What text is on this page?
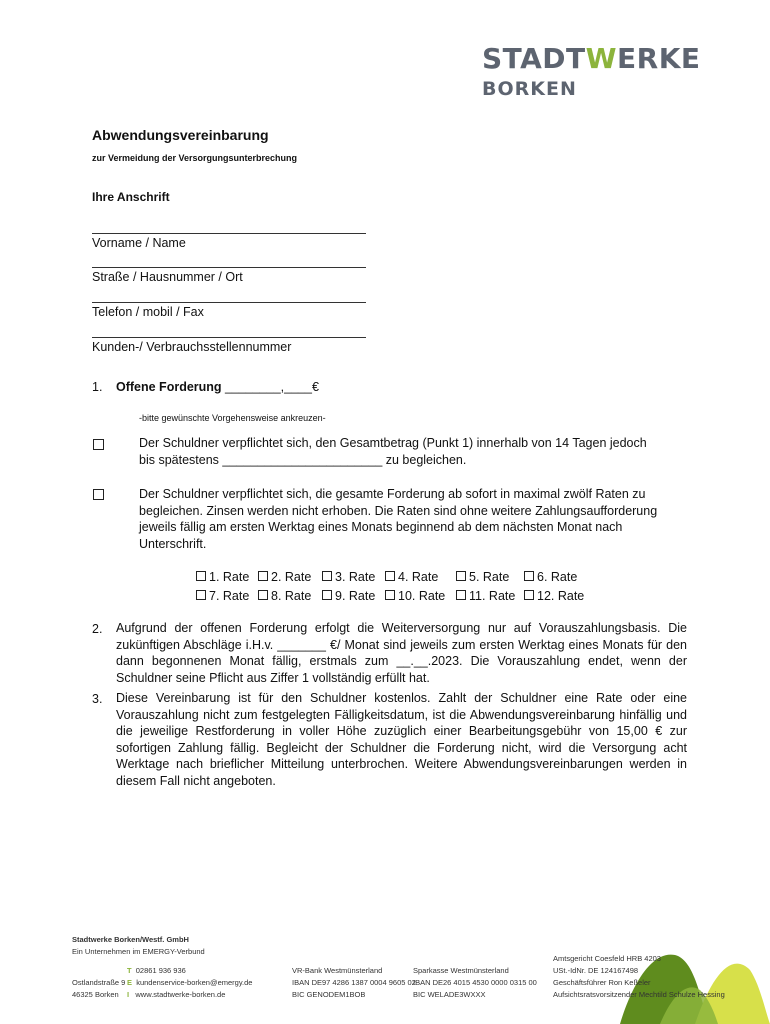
STADTWERKE
BORKEN
Abwendungsvereinbarung
zur Vermeidung der Versorgungsunterbrechung
Ihre Anschrift
Vorname / Name
Straße / Hausnummer / Ort
Telefon / mobil / Fax
Kunden-/ Verbrauchsstellennummer
1. Offene Forderung ________,____€
-bitte gewünschte Vorgehensweise ankreuzen-
Der Schuldner verpflichtet sich, den Gesamtbetrag (Punkt 1) innerhalb von 14 Tagen jedoch bis spätestens _______________________ zu begleichen.
Der Schuldner verpflichtet sich, die gesamte Forderung ab sofort in maximal zwölf Raten zu begleichen. Zinsen werden nicht erhoben. Die Raten sind ohne weitere Zahlungsaufforderung jeweils fällig am ersten Werktag eines Monats beginnend ab dem nächsten Monat nach Unterschrift.
1. Rate	2. Rate	3. Rate	4. Rate	5. Rate	6. Rate
7. Rate	8. Rate	9. Rate	10. Rate	11. Rate	12. Rate
2. Aufgrund der offenen Forderung erfolgt die Weiterversorgung nur auf Vorauszahlungsbasis. Die zukünftigen Abschläge i.H.v. _______ €/ Monat sind jeweils zum ersten Werktag eines Monats für den dann begonnenen Monat fällig, erstmals zum __.__.2023. Die Vorauszahlung endet, wenn der Schuldner seine Pflicht aus Ziffer 1 vollständig erfüllt hat.
3. Diese Vereinbarung ist für den Schuldner kostenlos. Zahlt der Schuldner eine Rate oder eine Vorauszahlung nicht zum festgelegten Fälligkeitsdatum, ist die Abwendungsvereinbarung hinfällig und die jeweilige Restforderung in voller Höhe zuzüglich einer Bearbeitungsgebühr von 15,00 € zur sofortigen Zahlung fällig. Begleicht der Schuldner die Forderung nicht, wird die Versorgung acht Werktage nach brieflicher Mitteilung unterbrochen. Weitere Abwendungsvereinbarungen werden in diesem Fall nicht angeboten.
Stadtwerke Borken/Westf. GmbH
Ein Unternehmen im EMERGY-Verbund
Ostlandstraße 9
46325 Borken
T 02861 936 936
E kundenservice-borken@emergy.de
I www.stadtwerke-borken.de
VR-Bank Westmünsterland
IBAN DE97 4286 1387 0004 9605 02
BIC GENODEM1BOB
Sparkasse Westmünsterland
IBAN DE26 4015 4530 0000 0315 00
BIC WELADE3WXXX
Amtsgericht Coesfeld HRB 4203
USt.-IdNr. DE 124167498
Geschäftsführer Ron Keßeler
Aufsichtsratsvorsitzender Mechtild Schulze Hessing
